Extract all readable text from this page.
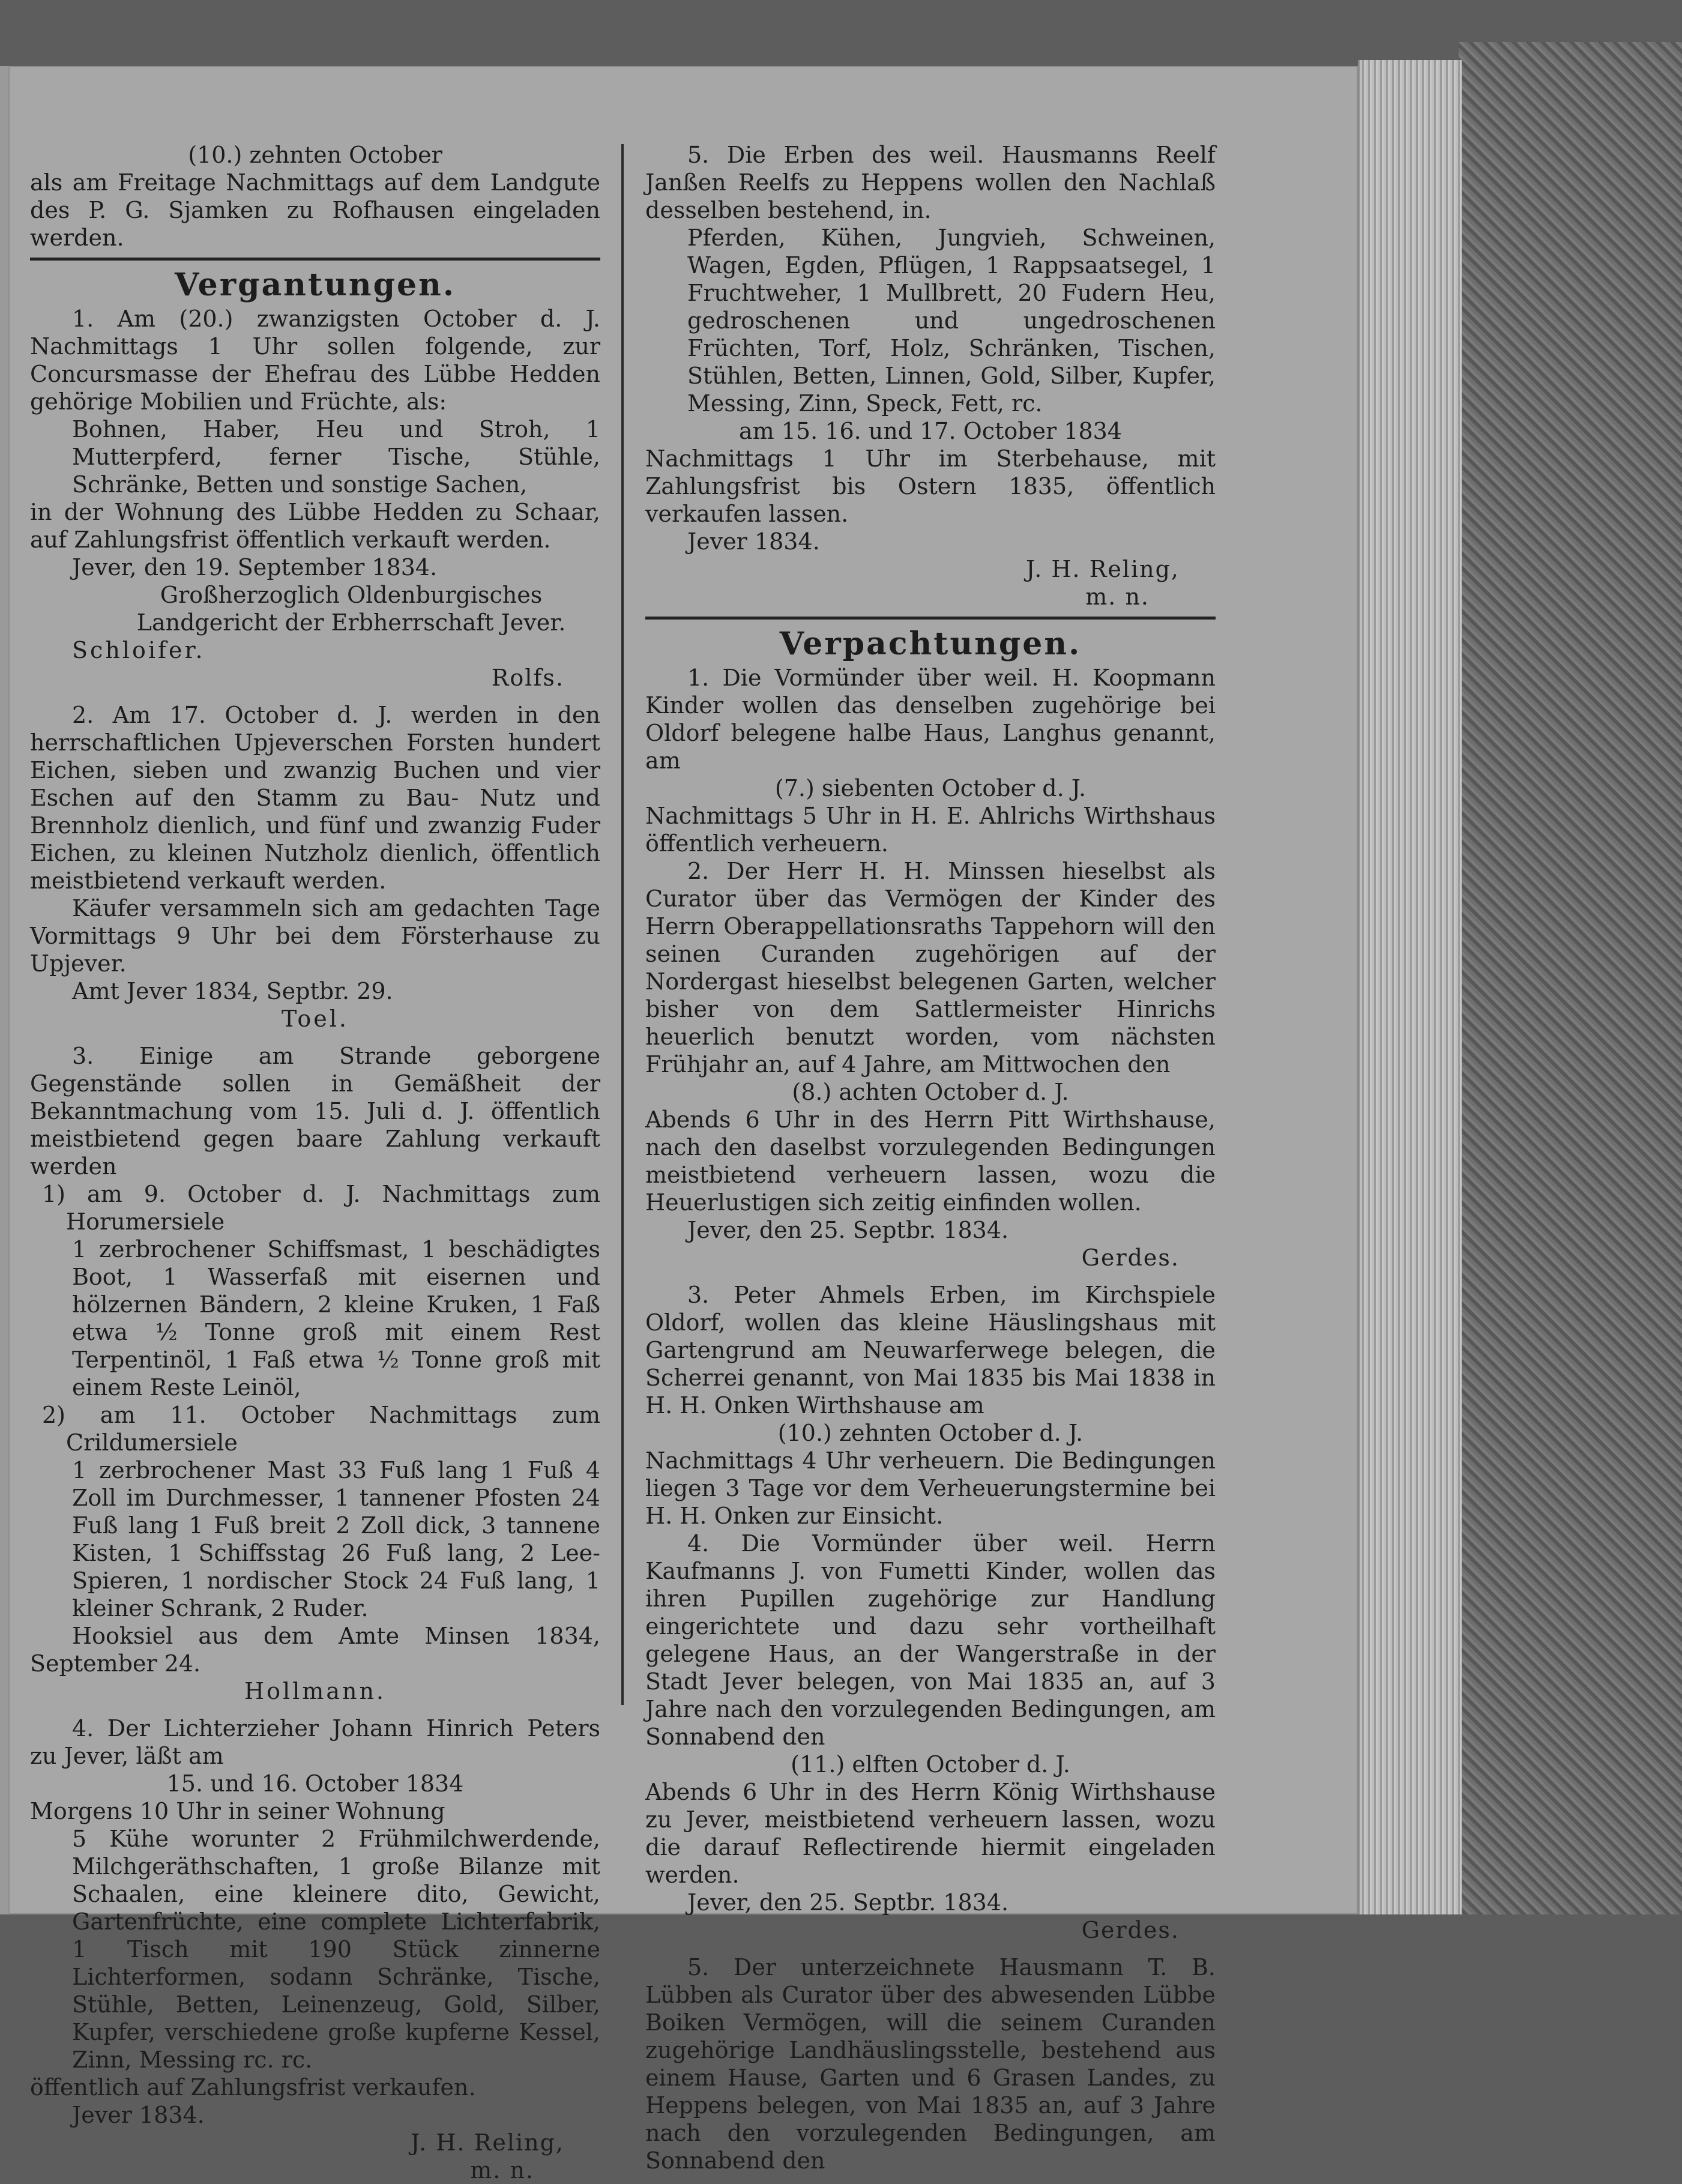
(10.) zehnten October

als am Freitage Nachmittags auf dem Landgute des P. G. Sjamken zu Rofhausen eingeladen werden.

Vergantungen.

1. Am (20.) zwanzigsten October d. J. Nachmittags 1 Uhr sollen folgende, zur Concursmasse der Ehefrau des Lübbe Hedden gehörige Mobilien und Früchte, als:

Bohnen, Haber, Heu und Stroh, 1 Mutterpferd, ferner Tische, Stühle, Schränke, Betten und sonstige Sachen,

in der Wohnung des Lübbe Hedden zu Schaar, auf Zahlungsfrist öffentlich verkauft werden.

Jever, den 19. September 1834.

Großherzoglich Oldenburgisches Landgericht der Erbherrschaft Jever.

Schloifer.

Rolfs.

2. Am 17. October d. J. werden in den herrschaftlichen Upjeverschen Forsten hundert Eichen, sieben und zwanzig Buchen und vier Eschen auf den Stamm zu Bau- Nutz und Brennholz dienlich, und fünf und zwanzig Fuder Eichen, zu kleinen Nutzholz dienlich, öffentlich meistbietend verkauft werden.

Käufer versammeln sich am gedachten Tage Vormittags 9 Uhr bei dem Försterhause zu Upjever.

Amt Jever 1834, Septbr. 29.

Toel.

3. Einige am Strande geborgene Gegenstände sollen in Gemäßheit der Bekanntmachung vom 15. Juli d. J. öffentlich meistbietend gegen baare Zahlung verkauft werden

1) am 9. October d. J. Nachmittags zum Horumersiele

1 zerbrochener Schiffsmast, 1 beschädigtes Boot, 1 Wasserfaß mit eisernen und hölzernen Bändern, 2 kleine Kruken, 1 Faß etwa ½ Tonne groß mit einem Rest Terpentinöl, 1 Faß etwa ½ Tonne groß mit einem Reste Leinöl,

2) am 11. October Nachmittags zum Crildumersiele

1 zerbrochener Mast 33 Fuß lang 1 Fuß 4 Zoll im Durchmesser, 1 tannener Pfosten 24 Fuß lang 1 Fuß breit 2 Zoll dick, 3 tannene Kisten, 1 Schiffsstag 26 Fuß lang, 2 Lee-Spieren, 1 nordischer Stock 24 Fuß lang, 1 kleiner Schrank, 2 Ruder.

Hooksiel aus dem Amte Minsen 1834, September 24.

Hollmann.

4. Der Lichterzieher Johann Hinrich Peters zu Jever, läßt am

15. und 16. October 1834

Morgens 10 Uhr in seiner Wohnung

5 Kühe worunter 2 Frühmilchwerdende, Milchgeräthschaften, 1 große Bilanze mit Schaalen, eine kleinere dito, Gewicht, Gartenfrüchte, eine complete Lichterfabrik, 1 Tisch mit 190 Stück zinnerne Lichterformen, sodann Schränke, Tische, Stühle, Betten, Leinenzeug, Gold, Silber, Kupfer, verschiedene große kupferne Kessel, Zinn, Messing rc. rc.

öffentlich auf Zahlungsfrist verkaufen.

Jever 1834.

J. H. Reling,

m. n.

5. Die Erben des weil. Hausmanns Reelf Janßen Reelfs zu Heppens wollen den Nachlaß desselben bestehend, in.

Pferden, Kühen, Jungvieh, Schweinen, Wagen, Egden, Pflügen, 1 Rappsaatsegel, 1 Fruchtweher, 1 Mullbrett, 20 Fudern Heu, gedroschenen und ungedroschenen Früchten, Torf, Holz, Schränken, Tischen, Stühlen, Betten, Linnen, Gold, Silber, Kupfer, Messing, Zinn, Speck, Fett, rc.

am 15. 16. und 17. October 1834

Nachmittags 1 Uhr im Sterbehause, mit Zahlungsfrist bis Ostern 1835, öffentlich verkaufen lassen.

Jever 1834.

J. H. Reling,

m. n.

Verpachtungen.

1. Die Vormünder über weil. H. Koopmann Kinder wollen das denselben zugehörige bei Oldorf belegene halbe Haus, Langhus genannt, am

(7.) siebenten October d. J.

Nachmittags 5 Uhr in H. E. Ahlrichs Wirthshaus öffentlich verheuern.

2. Der Herr H. H. Minssen hieselbst als Curator über das Vermögen der Kinder des Herrn Oberappellationsraths Tappehorn will den seinen Curanden zugehörigen auf der Nordergast hieselbst belegenen Garten, welcher bisher von dem Sattlermeister Hinrichs heuerlich benutzt worden, vom nächsten Frühjahr an, auf 4 Jahre, am Mittwochen den

(8.) achten October d. J.

Abends 6 Uhr in des Herrn Pitt Wirthshause, nach den daselbst vorzulegenden Bedingungen meistbietend verheuern lassen, wozu die Heuerlustigen sich zeitig einfinden wollen.

Jever, den 25. Septbr. 1834.

Gerdes.

3. Peter Ahmels Erben, im Kirchspiele Oldorf, wollen das kleine Häuslingshaus mit Gartengrund am Neuwarferwege belegen, die Scherrei genannt, von Mai 1835 bis Mai 1838 in H. H. Onken Wirthshause am

(10.) zehnten October d. J.

Nachmittags 4 Uhr verheuern. Die Bedingungen liegen 3 Tage vor dem Verheuerungstermine bei H. H. Onken zur Einsicht.

4. Die Vormünder über weil. Herrn Kaufmanns J. von Fumetti Kinder, wollen das ihren Pupillen zugehörige zur Handlung eingerichtete und dazu sehr vortheilhaft gelegene Haus, an der Wangerstraße in der Stadt Jever belegen, von Mai 1835 an, auf 3 Jahre nach den vorzulegenden Bedingungen, am Sonnabend den

(11.) elften October d. J.

Abends 6 Uhr in des Herrn König Wirthshause zu Jever, meistbietend verheuern lassen, wozu die darauf Reflectirende hiermit eingeladen werden.

Jever, den 25. Septbr. 1834.

Gerdes.

5. Der unterzeichnete Hausmann T. B. Lübben als Curator über des abwesenden Lübbe Boiken Vermögen, will die seinem Curanden zugehörige Landhäuslingsstelle, bestehend aus einem Hause, Garten und 6 Grasen Landes, zu Heppens belegen, von Mai 1835 an, auf 3 Jahre nach den vorzulegenden Bedingungen, am Sonnabend den
